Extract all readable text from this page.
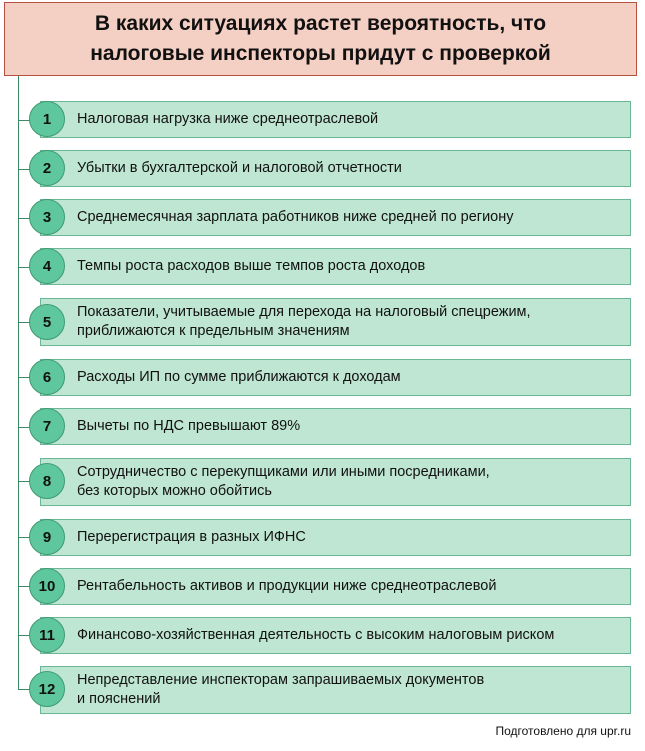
В каких ситуациях растет вероятность, что
налоговые инспекторы придут с проверкой

Налоговая нагрузка ниже среднеотраслевой
1
Убытки в бухгалтерской и налоговой отчетности
2
Среднемесячная зарплата работников ниже средней по региону
3
Темпы роста расходов выше темпов роста доходов
4
Показатели, учитываемые для перехода на налоговый спецрежим,
приближаются к предельным значениям
5
Расходы ИП по сумме приближаются к доходам
6
Вычеты по НДС превышают 89%
7
Сотрудничество с перекупщиками или иными посредниками,
без которых можно обойтись
8
Перерегистрация в разных ИФНС
9
Рентабельность активов и продукции ниже среднеотраслевой
10
Финансово-хозяйственная деятельность с высоким налоговым риском
11
Непредставление инспекторам запрашиваемых документов
и пояснений
12
Подготовлено для upr.ru
